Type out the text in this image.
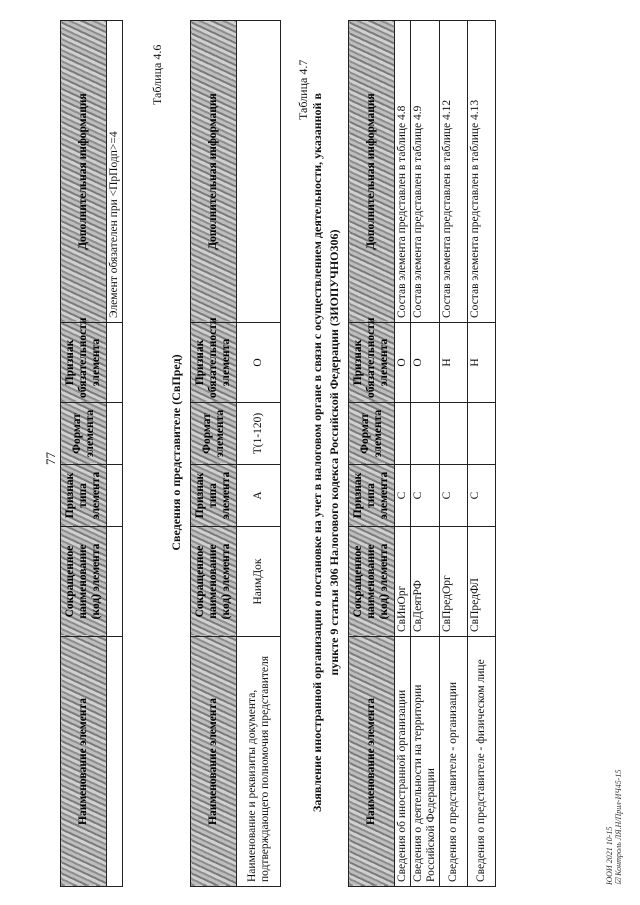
77
Наименование элемента	Сокращенное наименование (код) элемента	Признак типа элемента	Формат элемента	Признак обязательности элемента	Дополнительная информация
					Элемент обязателен при <ПрПодп>=4
Таблица 4.6
Сведения о представителе (СвПред)
Наименование элемента	Сокращенное наименование (код) элемента	Признак типа элемента	Формат элемента	Признак обязательности элемента	Дополнительная информация
Наименование и реквизиты документа, подтверждающего полномочия представителя	НаимДок	А	T(1-120)	О	
Таблица 4.7
Заявление иностранной организации о постановке на учет в налоговом органе в связи с осуществлением деятельности, указанной в пункте 9 статьи 306 Налогового кодекса Российской Федерации (ЗИОПУЧНО306)
Наименование элемента	Сокращенное наименование (код) элемента	Признак типа элемента	Формат элемента	Признак обязательности элемента	Дополнительная информация
Сведения об иностранной организации	СвИнОрг	С		О	Состав элемента представлен в таблице 4.8
Сведения о деятельности на территории Российской Федерации	СвДеятРФ	С		О	Состав элемента представлен в таблице 4.9
Сведения о представителе - организации	СвПредОрг	С		Н	Состав элемента представлен в таблице 4.12
Сведения о представителе - физическом лице	СвПредФЛ	С		Н	Состав элемента представлен в таблице 4.13
ЮОИ 2021 10-15 ☑ Контроль ЛЯ.Н/Прил-ИЧ45-15
